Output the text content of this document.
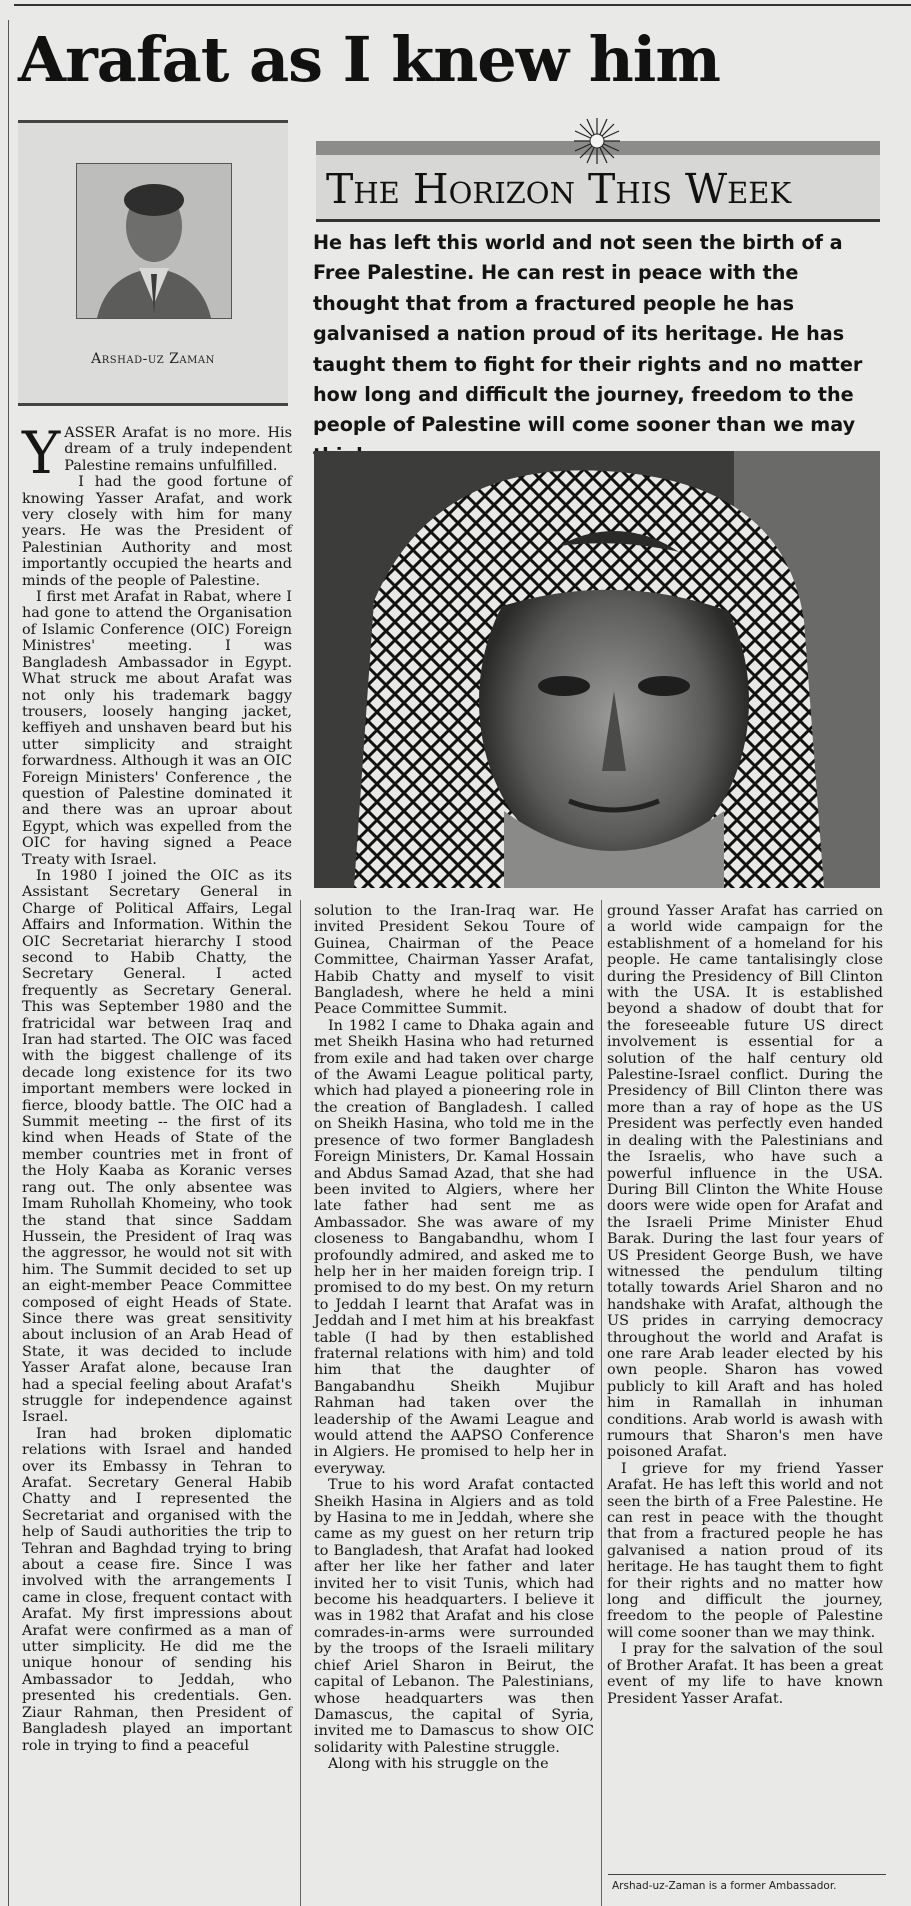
Arafat as I knew him
Arshad-uz Zaman
The Horizon This Week
He has left this world and not seen the birth of a Free Palestine. He can rest in peace with the thought that from a fractured people he has galvanised a nation proud of its heritage. He has taught them to fight for their rights and no matter how long and difficult the journey, freedom to the people of Palestine will come sooner than we may

YASSER Arafat is no more. His dream of a truly independent Palestine remains unfulfilled.

I had the good fortune of knowing Yasser Arafat, and work very closely with him for many years. He was the President of Palestinian Authority and most importantly occupied the hearts and minds of the people of Palestine.

I first met Arafat in Rabat, where I had gone to attend the Organisation of Islamic Conference (OIC) Foreign Ministres' meeting. I was Bangladesh Ambassador in Egypt. What struck me about Arafat was not only his trademark baggy trousers, loosely hanging jacket, keffiyeh and unshaven beard but his utter simplicity and straight forwardness. Although it was an OIC Foreign Ministers' Conference , the question of Palestine dominated it and there was an uproar about Egypt, which was expelled from the OIC for having signed a Peace Treaty with Israel.

In 1980 I joined the OIC as its Assistant Secretary General in Charge of Political Affairs, Legal Affairs and Information. Within the OIC Secretariat hierarchy I stood second to Habib Chatty, the Secretary General. I acted frequently as Secretary General. This was September 1980 and the fratricidal war between Iraq and Iran had started. The OIC was faced with the biggest challenge of its decade long existence for its two important members were locked in fierce, bloody battle. The OIC had a Summit meeting -- the first of its kind when Heads of State of the member countries met in front of the Holy Kaaba as Koranic verses rang out. The only absentee was Imam Ruhollah Khomeiny, who took the stand that since Saddam Hussein, the President of Iraq was the aggressor, he would not sit with him. The Summit decided to set up an eight-member Peace Committee composed of eight Heads of State. Since there was great sensitivity about inclusion of an Arab Head of State, it was decided to include Yasser Arafat alone, because Iran had a special feeling about Arafat's struggle for independence against Israel.

Iran had broken diplomatic relations with Israel and handed over its Embassy in Tehran to Arafat. Secretary General Habib Chatty and I represented the Secretariat and organised with the help of Saudi authorities the trip to Tehran and Baghdad trying to bring about a cease fire. Since I was involved with the arrangements I came in close, frequent contact with Arafat. My first impressions about Arafat were confirmed as a man of utter simplicity. He did me the unique honour of sending his Ambassador to Jeddah, who presented his credentials. Gen. Ziaur Rahman, then President of Bangladesh played an important role in trying to find a peaceful

solution to the Iran-Iraq war. He invited President Sekou Toure of Guinea, Chairman of the Peace Committee, Chairman Yasser Arafat, Habib Chatty and myself to visit Bangladesh, where he held a mini Peace Committee Summit.

In 1982 I came to Dhaka again and met Sheikh Hasina who had returned from exile and had taken over charge of the Awami League political party, which had played a pioneering role in the creation of Bangladesh. I called on Sheikh Hasina, who told me in the presence of two former Bangladesh Foreign Ministers, Dr. Kamal Hossain and Abdus Samad Azad, that she had been invited to Algiers, where her late father had sent me as Ambassador. She was aware of my closeness to Bangabandhu, whom I profoundly admired, and asked me to help her in her maiden foreign trip. I promised to do my best. On my return to Jeddah I learnt that Arafat was in Jeddah and I met him at his breakfast table (I had by then established fraternal relations with him) and told him that the daughter of Bangabandhu Sheikh Mujibur Rahman had taken over the leadership of the Awami League and would attend the AAPSO Conference in Algiers. He promised to help her in everyway.

True to his word Arafat contacted Sheikh Hasina in Algiers and as told by Hasina to me in Jeddah, where she came as my guest on her return trip to Bangladesh, that Arafat had looked after her like her father and later invited her to visit Tunis, which had become his headquarters. I believe it was in 1982 that Arafat and his close comrades-in-arms were surrounded by the troops of the Israeli military chief Ariel Sharon in Beirut, the capital of Lebanon. The Palestinians, whose headquarters was then Damascus, the capital of Syria, invited me to Damascus to show OIC solidarity with Palestine struggle.

Along with his struggle on the

ground Yasser Arafat has carried on a world wide campaign for the establishment of a homeland for his people. He came tantalisingly close during the Presidency of Bill Clinton with the USA. It is established beyond a shadow of doubt that for the foreseeable future US direct involvement is essential for a solution of the half century old Palestine-Israel conflict. During the Presidency of Bill Clinton there was more than a ray of hope as the US President was perfectly even handed in dealing with the Palestinians and the Israelis, who have such a powerful influence in the USA. During Bill Clinton the White House doors were wide open for Arafat and the Israeli Prime Minister Ehud Barak. During the last four years of US President George Bush, we have witnessed the pendulum tilting totally towards Ariel Sharon and no handshake with Arafat, although the US prides in carrying democracy throughout the world and Arafat is one rare Arab leader elected by his own people. Sharon has vowed publicly to kill Araft and has holed him in Ramallah in inhuman conditions. Arab world is awash with rumours that Sharon's men have poisoned Arafat.

I grieve for my friend Yasser Arafat. He has left this world and not seen the birth of a Free Palestine. He can rest in peace with the thought that from a fractured people he has galvanised a nation proud of its heritage. He has taught them to fight for their rights and no matter how long and difficult the journey, freedom to the people of Palestine will come sooner than we may think.

I pray for the salvation of the soul of Brother Arafat. It has been a great event of my life to have known President Yasser Arafat.

Arshad-uz-Zaman is a former Ambassador.
